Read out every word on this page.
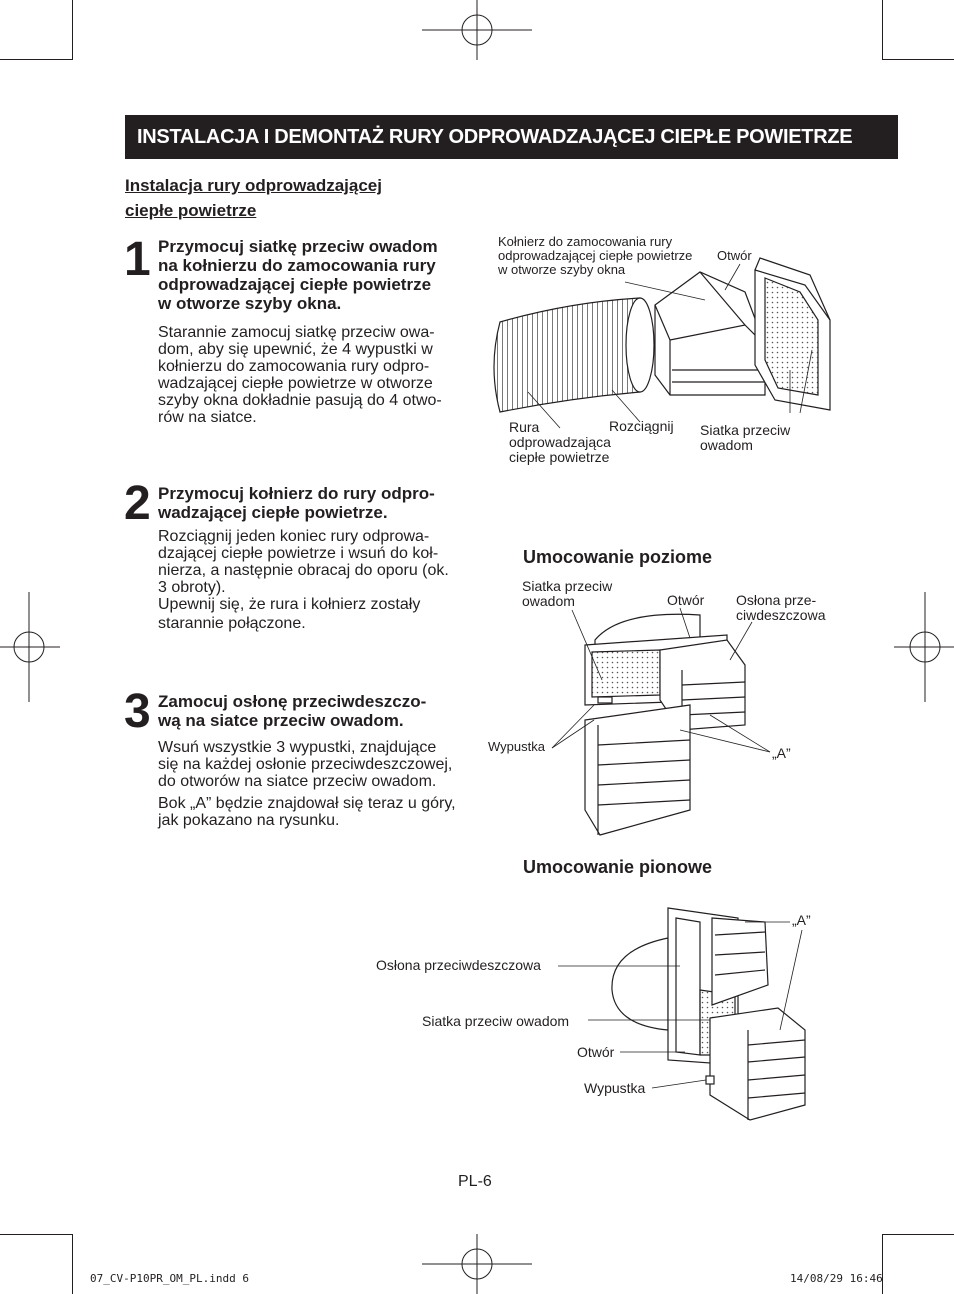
INSTALACJA I DEMONTAŻ RURY ODPROWADZAJĄCEJ CIEPŁE POWIETRZE
Instalacja rury odprowadzającej
ciepłe powietrze
1 Przymocuj siatkę przeciw owadom
na kołnierzu do zamocowania rury
odprowadzającej ciepłe powietrze
w otworze szyby okna.
Starannie zamocuj siatkę przeciw owa-
dom, aby się upewnić, że 4 wypustki w
kołnierzu do zamocowania rury odpro-
wadzającej ciepłe powietrze w otworze
szyby okna dokładnie pasują do 4 otwo-
rów na siatce.
2 Przymocuj kołnierz do rury odpro-
wadzającej ciepłe powietrze.
Rozciągnij jeden koniec rury odprowa-
dzającej ciepłe powietrze i wsuń do koł-
nierza, a następnie obracaj do oporu (ok.
3 obroty).
Upewnij się, że rura i kołnierz zostały
starannie połączone.
3 Zamocuj osłonę przeciwdeszczo-
wą na siatce przeciw owadom.
Wsuń wszystkie 3 wypustki, znajdujące
się na każdej osłonie przeciwdeszczowej,
do otworów na siatce przeciw owadom.
Bok „A” będzie znajdował się teraz u góry,
jak pokazano na rysunku.
Kołnierz do zamocowania rury
odprowadzającej ciepłe powietrze
w otworze szyby okna
Otwór
Rura
odprowadzająca
ciepłe powietrze
Rozciągnij Siatka przeciw
owadom
Umocowanie poziome
Siatka przeciw
owadom	Otwór Osłona prze-
ciwdeszczowa
Wypustka	„A”
Umocowanie pionowe
„A”
Osłona przeciwdeszczowa
Siatka przeciw owadom
Otwór
Wypustka
PL-6
07_CV-P10PR_OM_PL.indd 6	14/08/29 16:46
